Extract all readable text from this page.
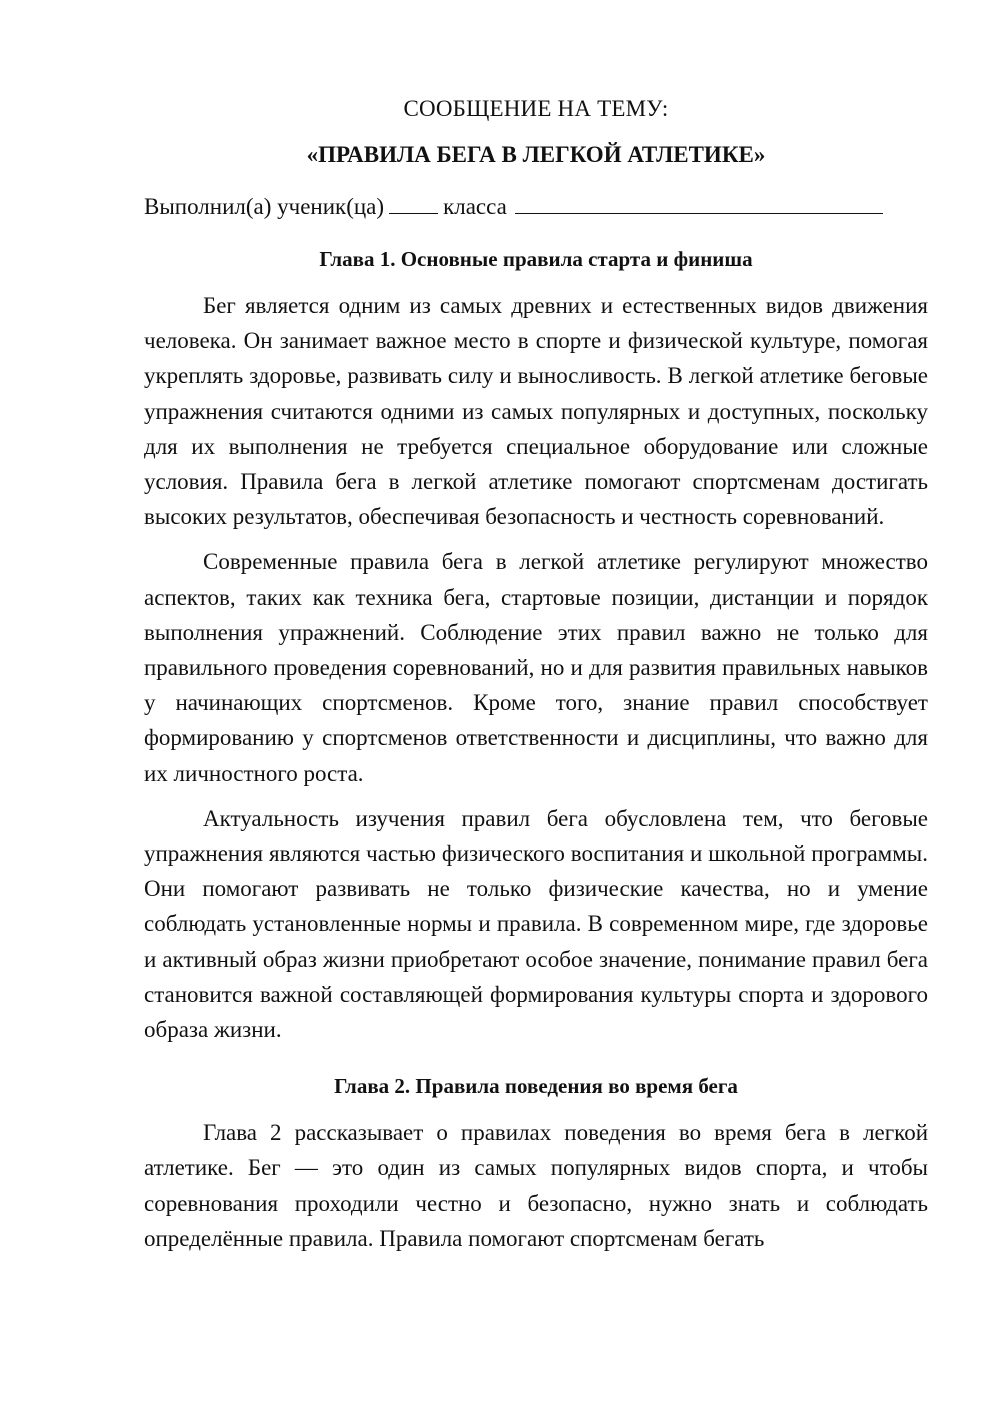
СООБЩЕНИЕ НА ТЕМУ:
«ПРАВИЛА БЕГА В ЛЕГКОЙ АТЛЕТИКЕ»
Выполнил(а) ученик(ца)	класса
Глава 1. Основные правила старта и финиша

Бег является одним из самых древних и естественных видов движения человека. Он занимает важное место в спорте и физической культуре, помогая укреплять здоровье, развивать силу и выносливость. В легкой атлетике беговые упражнения считаются одними из самых популярных и доступных, поскольку для их выполнения не требуется специальное оборудование или сложные условия. Правила бега в легкой атлетике помогают спортсменам достигать высоких результатов, обеспечивая безопасность и честность соревнований.

Современные правила бега в легкой атлетике регулируют множество аспектов, таких как техника бега, стартовые позиции, дистанции и порядок выполнения упражнений. Соблюдение этих правил важно не только для правильного проведения соревнований, но и для развития правильных навыков у начинающих спортсменов. Кроме того, знание правил способствует формированию у спортсменов ответственности и дисциплины, что важно для их личностного роста.

Актуальность изучения правил бега обусловлена тем, что беговые упражнения являются частью физического воспитания и школьной программы. Они помогают развивать не только физические качества, но и умение соблюдать установленные нормы и правила. В современном мире, где здоровье и активный образ жизни приобретают особое значение, понимание правил бега становится важной составляющей формирования культуры спорта и здорового образа жизни.

Глава 2. Правила поведения во время бега

Глава 2 рассказывает о правилах поведения во время бега в легкой атлетике. Бег — это один из самых популярных видов спорта, и чтобы соревнования проходили честно и безопасно, нужно знать и соблюдать определённые правила. Правила помогают спортсменам бегать
